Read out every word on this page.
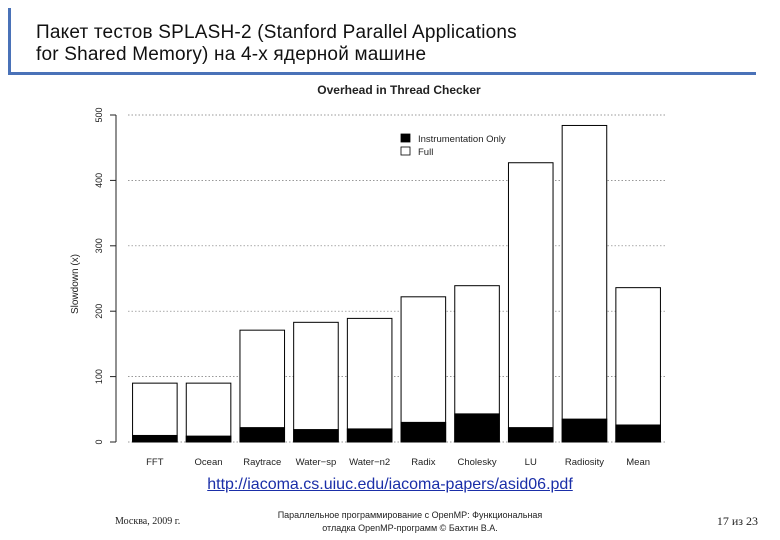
Пакет тестов SPLASH-2 (Stanford Parallel Applications
for Shared Memory) на 4-х ядерной машине
Overhead in Thread Checker
Slowdown (x)
0
100
200
300
400
500
FFT	Ocean Raytrace Water−sp Water−n2 Radix Cholesky	LU	Radiosity Mean
Instrumentation Only
Full
http://iacoma.cs.uiuc.edu/iacoma-papers/asid06.pdf
Москва, 2009 г.
Параллельное программирование с OpenMP: Функциональная
отладка OpenMP-программ © Бахтин В.А.	17 из 23
